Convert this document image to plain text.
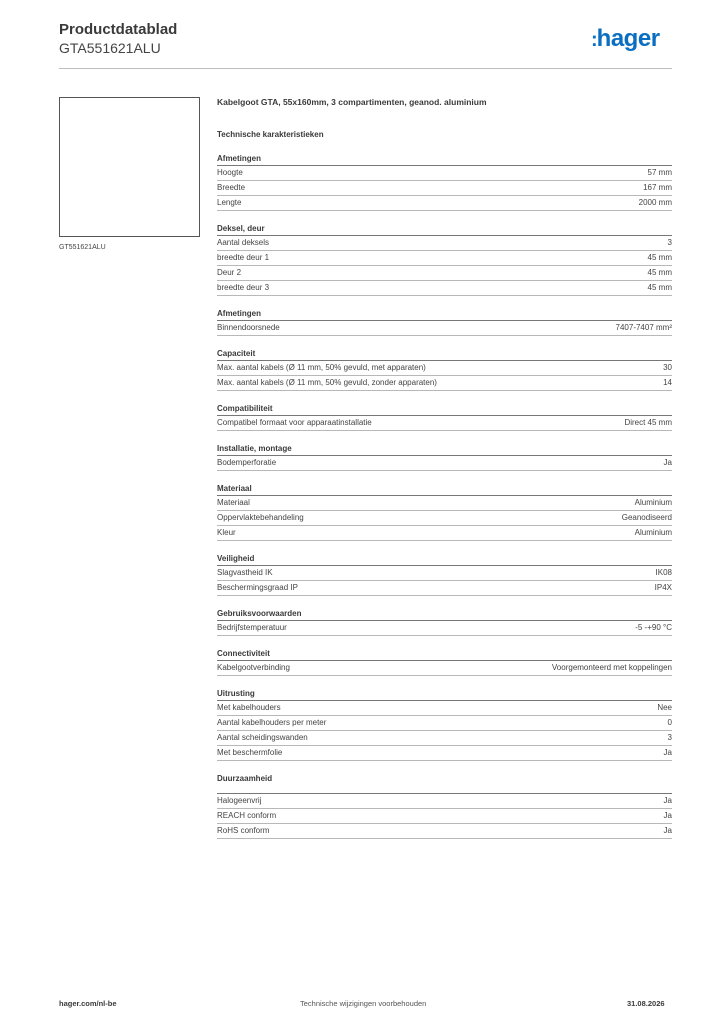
Productdatablad
GTA551621ALU	:hager
GT551621ALU
Kabelgoot GTA, 55x160mm, 3 compartimenten, geanod. aluminium
Technische karakteristieken
Afmetingen
Hoogte	57 mm
Breedte	167 mm
Lengte	2000 mm
Deksel, deur
Aantal deksels	3
breedte deur 1	45 mm
Deur 2	45 mm
breedte deur 3	45 mm
Afmetingen
Binnendoorsnede	7407-7407 mm²
Capaciteit
Max. aantal kabels (Ø 11 mm, 50% gevuld, met apparaten)	30
Max. aantal kabels (Ø 11 mm, 50% gevuld, zonder apparaten)	14
Compatibiliteit
Compatibel formaat voor apparaatinstallatie	Direct 45 mm
Installatie, montage
Bodemperforatie	Ja
Materiaal
Materiaal	Aluminium
Oppervlaktebehandeling	Geanodiseerd
Kleur	Aluminium
Veiligheid
Slagvastheid IK	IK08
Beschermingsgraad IP	IP4X
Gebruiksvoorwaarden
Bedrijfstemperatuur	-5 -+90 °C
Connectiviteit
Kabelgootverbinding	Voorgemonteerd met koppelingen
Uitrusting
Met kabelhouders	Nee
Aantal kabelhouders per meter	0
Aantal scheidingswanden	3
Met beschermfolie	Ja
Duurzaamheid
Halogeenvrij	Ja
REACH conform	Ja
RoHS conform	Ja
hager.com/nl-be	Technische wijzigingen voorbehouden	31.08.2026
